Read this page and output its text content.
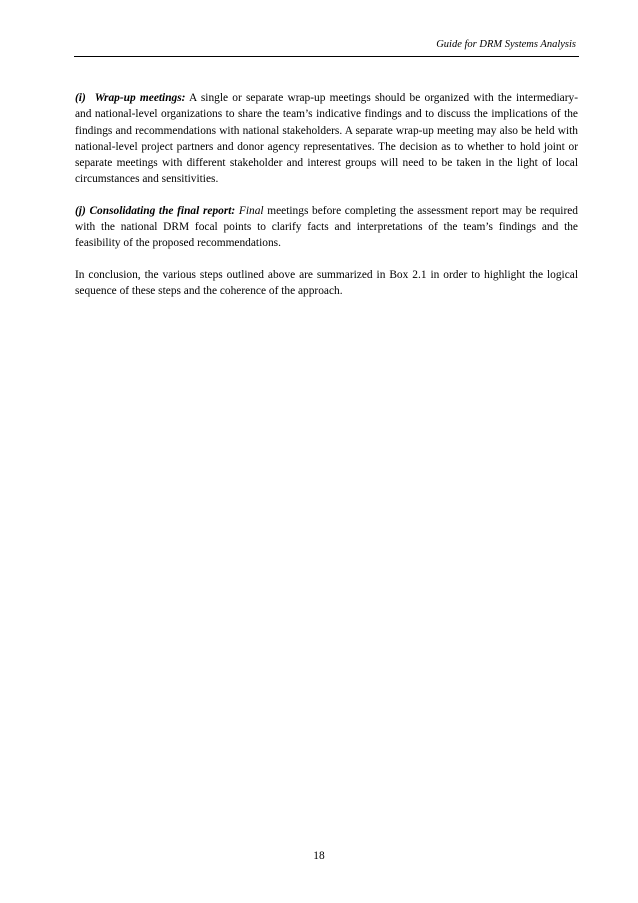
Guide for DRM Systems Analysis

(i) Wrap-up meetings: A single or separate wrap-up meetings should be organized with the intermediary- and national-level organizations to share the team’s indicative findings and to discuss the implications of the findings and recommendations with national stakeholders. A separate wrap-up meeting may also be held with national-level project partners and donor agency representatives. The decision as to whether to hold joint or separate meetings with different stakeholder and interest groups will need to be taken in the light of local circumstances and sensitivities.

(j) Consolidating the final report: Final meetings before completing the assessment report may be required with the national DRM focal points to clarify facts and interpretations of the team’s findings and the feasibility of the proposed recommendations.

In conclusion, the various steps outlined above are summarized in Box 2.1 in order to highlight the logical sequence of these steps and the coherence of the approach.

18
